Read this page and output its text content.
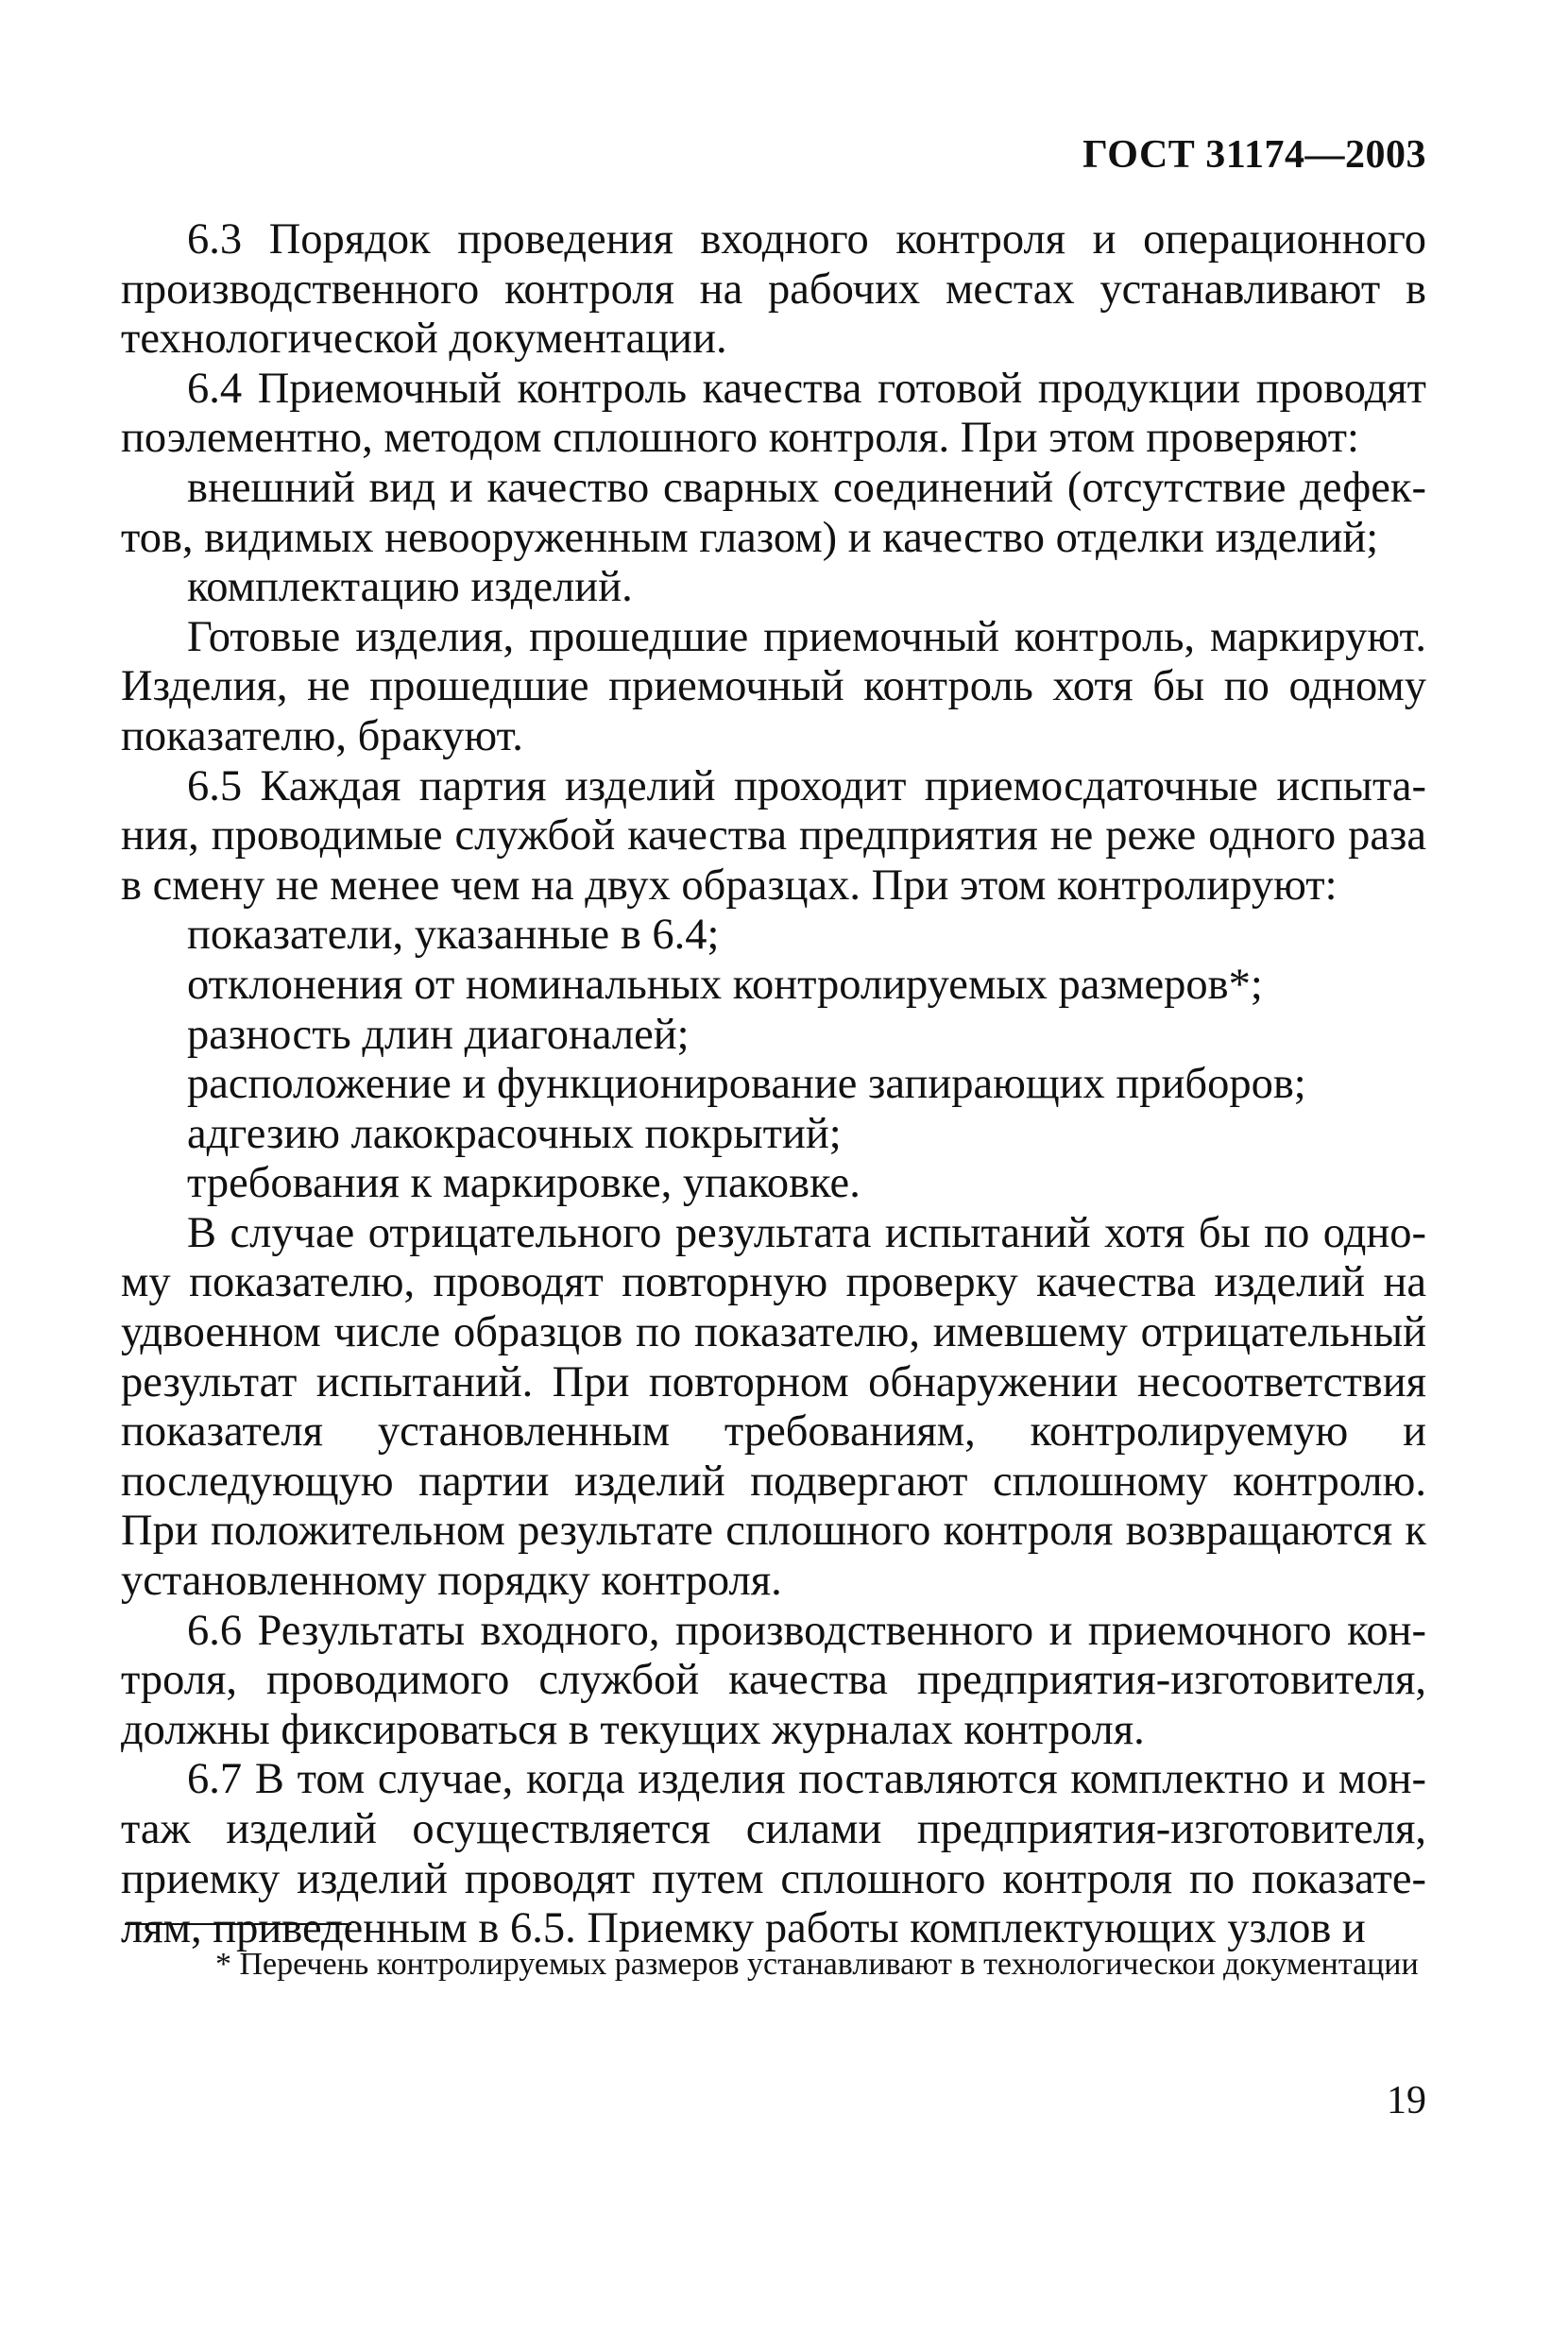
ГОСТ 31174—2003

6.3 Порядок проведения входного контроля и операционного производственного контроля на рабочих местах устанавливают в технологической документации.

6.4 Приемочный контроль качества готовой продукции проводят поэлементно, методом сплошного контроля. При этом проверяют:

внешний вид и качество сварных соединений (отсутствие дефектов, видимых невооруженным глазом) и качество отделки изделий;

комплектацию изделий.

Готовые изделия, прошедшие приемочный контроль, маркируют. Изделия, не прошедшие приемочный контроль хотя бы по одному показателю, бракуют.

6.5 Каждая партия изделий проходит приемосдаточные испытания, проводимые службой качества предприятия не реже одного раза в смену не менее чем на двух образцах. При этом контролируют:

показатели, указанные в 6.4;

отклонения от номинальных контролируемых размеров*;

разность длин диагоналей;

расположение и функционирование запирающих приборов;

адгезию лакокрасочных покрытий;

требования к маркировке, упаковке.

В случае отрицательного результата испытаний хотя бы по одному показателю, проводят повторную проверку качества изделий на удвоенном числе образцов по показателю, имевшему отрицательный результат испытаний. При повторном обнаружении несоответствия показателя установленным требованиям, контролируемую и последующую партии изделий подвергают сплошному контролю. При положительном результате сплошного контроля возвращаются к установленному порядку контроля.

6.6 Результаты входного, производственного и приемочного контроля, проводимого службой качества предприятия-изготовителя, должны фиксироваться в текущих журналах контроля.

6.7 В том случае, когда изделия поставляются комплектно и монтаж изделий осуществляется силами предприятия-изготовителя, приемку изделий проводят путем сплошного контроля по показателям, приведенным в 6.5. Приемку работы комплектующих узлов и

* Перечень контролируемых размеров устанавливают в технологическои документации
19
